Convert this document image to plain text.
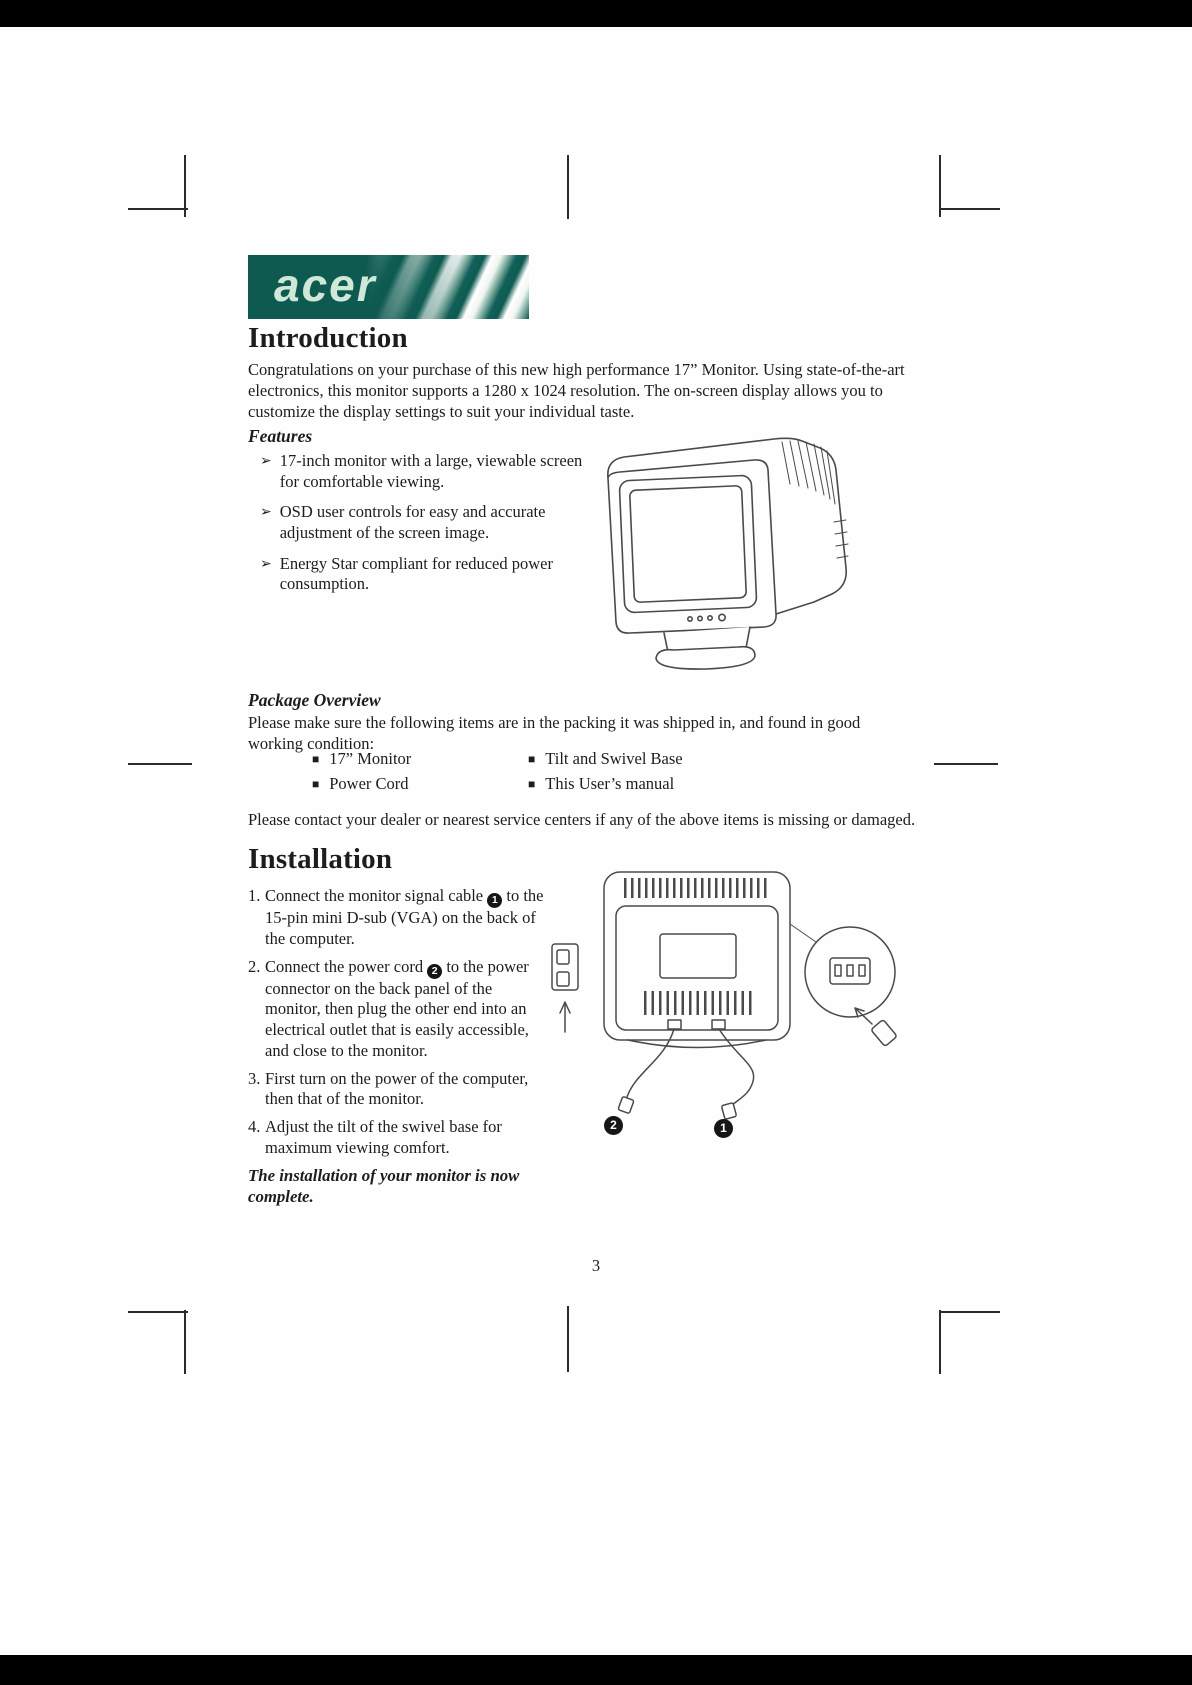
acer
Introduction

Congratulations on your purchase of this new high performance 17” Monitor. Using state-of-the-art electronics, this monitor supports a 1280 x 1024 resolution. The on-screen display allows you to customize the display settings to suit your individual taste.

Features
➢ 17-inch monitor with a large, viewable screen for comfortable viewing.
➢ OSD user controls for easy and accurate adjustment of the screen image.
➢ Energy Star compliant for reduced power consumption.
Package Overview

Please make sure the following items are in the packing it was shipped in, and found in good working condition:

■ 17” Monitor
■ Power Cord
■ Tilt and Swivel Base
■ This User’s manual

Please contact your dealer or nearest service centers if any of the above items is missing or damaged.

Installation
1. Connect the monitor signal cable 1 to the 15-pin mini D-sub (VGA) on the back of the computer.
2. Connect the power cord 2 to the power connector on the back panel of the monitor, then plug the other end into an electrical outlet that is easily accessible, and close to the monitor.
3. First turn on the power of the computer, then that of the monitor.
4. Adjust the tilt of the swivel base for maximum viewing comfort.
The installation of your monitor is now complete.
2	1
3
